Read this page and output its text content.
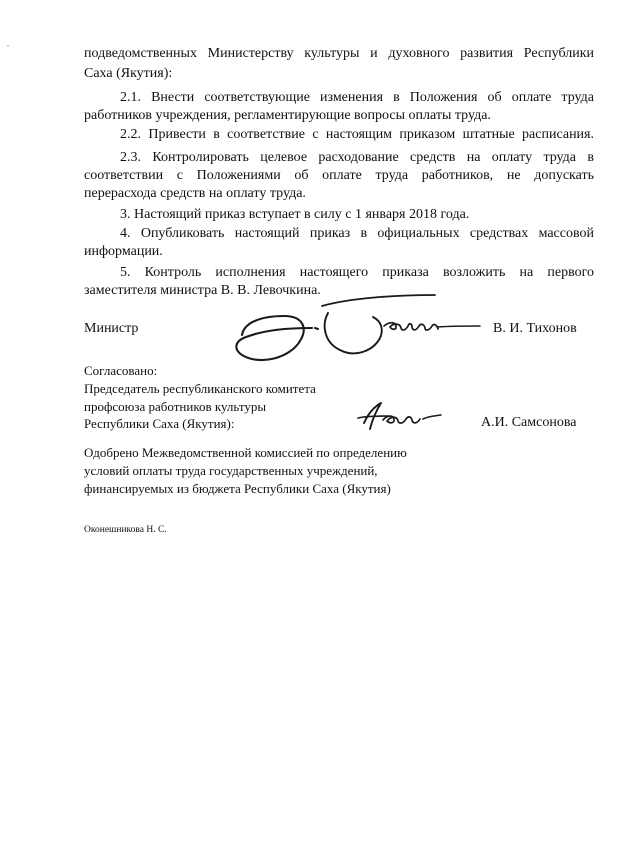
подведомственных Министерству культуры и духовного развития Республики
Саха (Якутия):
2.1. Внести соответствующие изменения в Положения об оплате труда
работников учреждения, регламентирующие вопросы оплаты труда.
2.2. Привести в соответствие с настоящим приказом штатные расписания.
2.3. Контролировать целевое расходование средств на оплату труда в
соответствии с Положениями об оплате труда работников, не допускать
перерасхода средств на оплату труда.
3. Настоящий приказ вступает в силу с 1 января 2018 года.
4. Опубликовать настоящий приказ в официальных средствах массовой
информации.
5. Контроль исполнения настоящего приказа возложить на первого
заместителя министра В. В. Левочкина.
Министр	В. И. Тихонов
Согласовано:
Председатель республиканского комитета
профсоюза работников культуры
Республики Саха (Якутия):	А.И. Самсонова
Одобрено Межведомственной комиссией по определению
условий оплаты труда государственных учреждений,
финансируемых из бюджета Республики Саха (Якутия)
Оконешникова Н. С.
